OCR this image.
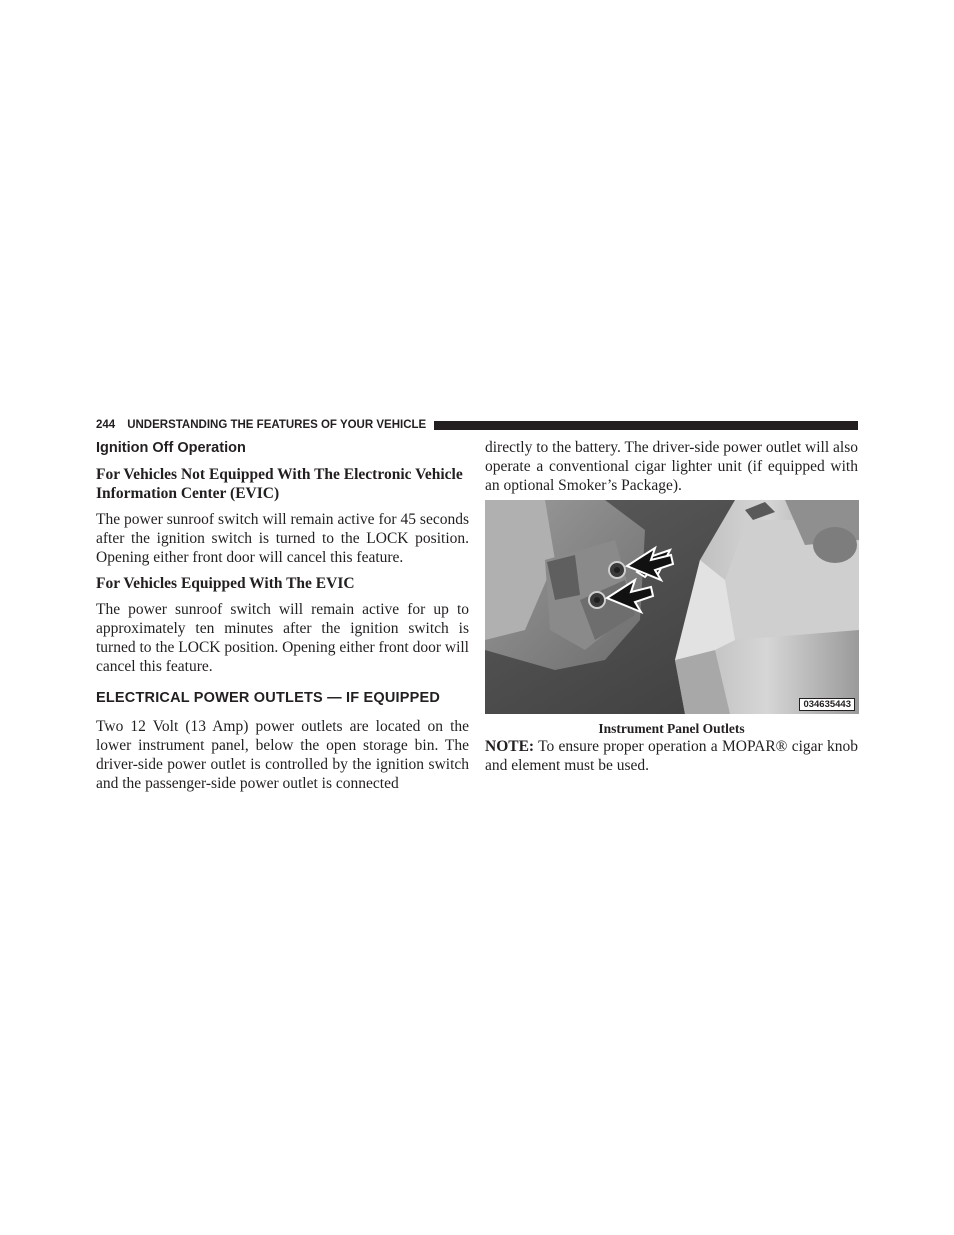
244 UNDERSTANDING THE FEATURES OF YOUR VEHICLE
Ignition Off Operation
For Vehicles Not Equipped With The Electronic Vehicle Information Center (EVIC)

The power sunroof switch will remain active for 45 seconds after the ignition switch is turned to the LOCK position. Opening either front door will cancel this feature.

For Vehicles Equipped With The EVIC

The power sunroof switch will remain active for up to approximately ten minutes after the ignition switch is turned to the LOCK position. Opening either front door will cancel this feature.

ELECTRICAL POWER OUTLETS — IF EQUIPPED

Two 12 Volt (13 Amp) power outlets are located on the lower instrument panel, below the open storage bin. The driver-side power outlet is controlled by the ignition switch and the passenger-side power outlet is connected

directly to the battery. The driver-side power outlet will also operate a conventional cigar lighter unit (if equipped with an optional Smoker’s Package).

034635443
Instrument Panel Outlets

NOTE: To ensure proper operation a MOPAR® cigar knob and element must be used.
